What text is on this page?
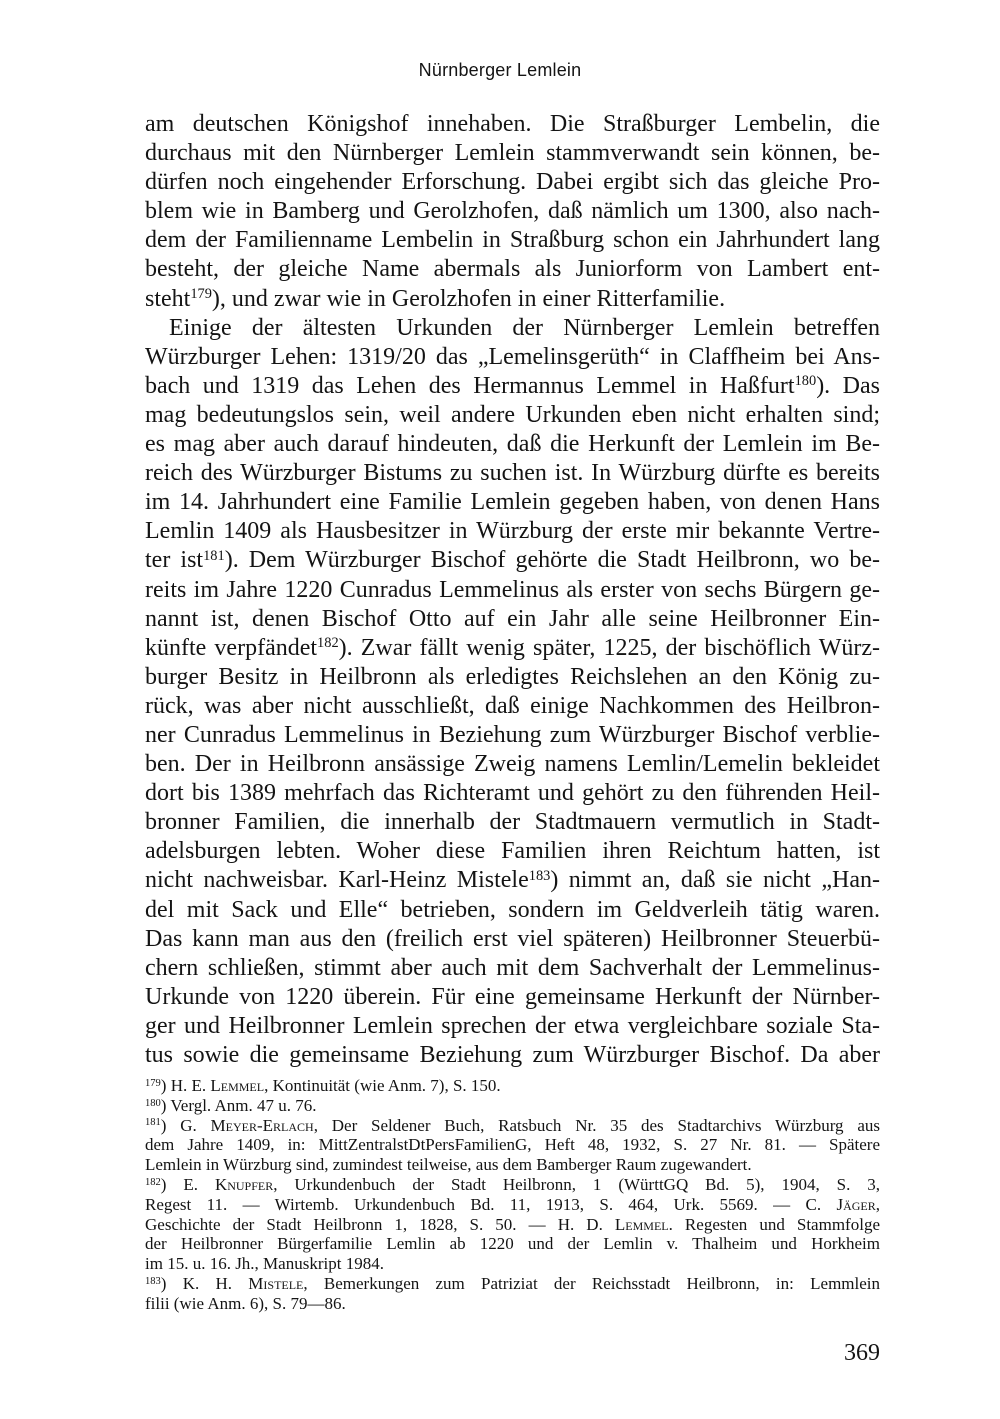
Nürnberger Lemlein
am deutschen Königshof innehaben. Die Straßburger Lembelin, die
durchaus mit den Nürnberger Lemlein stammverwandt sein können, be-
dürfen noch eingehender Erforschung. Dabei ergibt sich das gleiche Pro-
blem wie in Bamberg und Gerolzhofen, daß nämlich um 1300, also nach-
dem der Familienname Lembelin in Straßburg schon ein Jahrhundert lang
besteht, der gleiche Name abermals als Juniorform von Lambert ent-
steht$^{179}$), und zwar wie in Gerolzhofen in einer Ritterfamilie.
Einige der ältesten Urkunden der Nürnberger Lemlein betreffen
Würzburger Lehen: 1319/20 das „Lemelinsgerüth“ in Claffheim bei Ans-
bach und 1319 das Lehen des Hermannus Lemmel in Haßfurt$^{180}$). Das
mag bedeutungslos sein, weil andere Urkunden eben nicht erhalten sind;
es mag aber auch darauf hindeuten, daß die Herkunft der Lemlein im Be-
reich des Würzburger Bistums zu suchen ist. In Würzburg dürfte es bereits
im 14. Jahrhundert eine Familie Lemlein gegeben haben, von denen Hans
Lemlin 1409 als Hausbesitzer in Würzburg der erste mir bekannte Vertre-
ter ist$^{181}$). Dem Würzburger Bischof gehörte die Stadt Heilbronn, wo be-
reits im Jahre 1220 Cunradus Lemmelinus als erster von sechs Bürgern ge-
nannt ist, denen Bischof Otto auf ein Jahr alle seine Heilbronner Ein-
künfte verpfändet$^{182}$). Zwar fällt wenig später, 1225, der bischöflich Würz-
burger Besitz in Heilbronn als erledigtes Reichslehen an den König zu-
rück, was aber nicht ausschließt, daß einige Nachkommen des Heilbron-
ner Cunradus Lemmelinus in Beziehung zum Würzburger Bischof verblie-
ben. Der in Heilbronn ansässige Zweig namens Lemlin/Lemelin bekleidet
dort bis 1389 mehrfach das Richteramt und gehört zu den führenden Heil-
bronner Familien, die innerhalb der Stadtmauern vermutlich in Stadt-
adelsburgen lebten. Woher diese Familien ihren Reichtum hatten, ist
nicht nachweisbar. Karl-Heinz Mistele$^{183}$) nimmt an, daß sie nicht „Han-
del mit Sack und Elle“ betrieben, sondern im Geldverleih tätig waren.
Das kann man aus den (freilich erst viel späteren) Heilbronner Steuerbü-
chern schließen, stimmt aber auch mit dem Sachverhalt der Lemmelinus-
Urkunde von 1220 überein. Für eine gemeinsame Herkunft der Nürnber-
ger und Heilbronner Lemlein sprechen der etwa vergleichbare soziale Sta-
tus sowie die gemeinsame Beziehung zum Würzburger Bischof. Da aber
$^{179}$) H. E. Lemmel, Kontinuität (wie Anm. 7), S. 150.
$^{180}$) Vergl. Anm. 47 u. 76.
$^{181}$) G. Meyer-Erlach, Der Seldener Buch, Ratsbuch Nr. 35 des Stadtarchivs Würzburg aus
dem Jahre 1409, in: MittZentralstDtPersFamilienG, Heft 48, 1932, S. 27 Nr. 81. — Spätere
Lemlein in Würzburg sind, zumindest teilweise, aus dem Bamberger Raum zugewandert.
$^{182}$) E. Knupfer, Urkundenbuch der Stadt Heilbronn, 1 (WürttGQ Bd. 5), 1904, S. 3,
Regest 11. — Wirtemb. Urkundenbuch Bd. 11, 1913, S. 464, Urk. 5569. — C. Jäger,
Geschichte der Stadt Heilbronn 1, 1828, S. 50. — H. D. Lemmel. Regesten und Stammfolge
der Heilbronner Bürgerfamilie Lemlin ab 1220 und der Lemlin v. Thalheim und Horkheim
im 15. u. 16. Jh., Manuskript 1984.
$^{183}$) K. H. Mistele, Bemerkungen zum Patriziat der Reichsstadt Heilbronn, in: Lemmlein
filii (wie Anm. 6), S. 79—86.
369
